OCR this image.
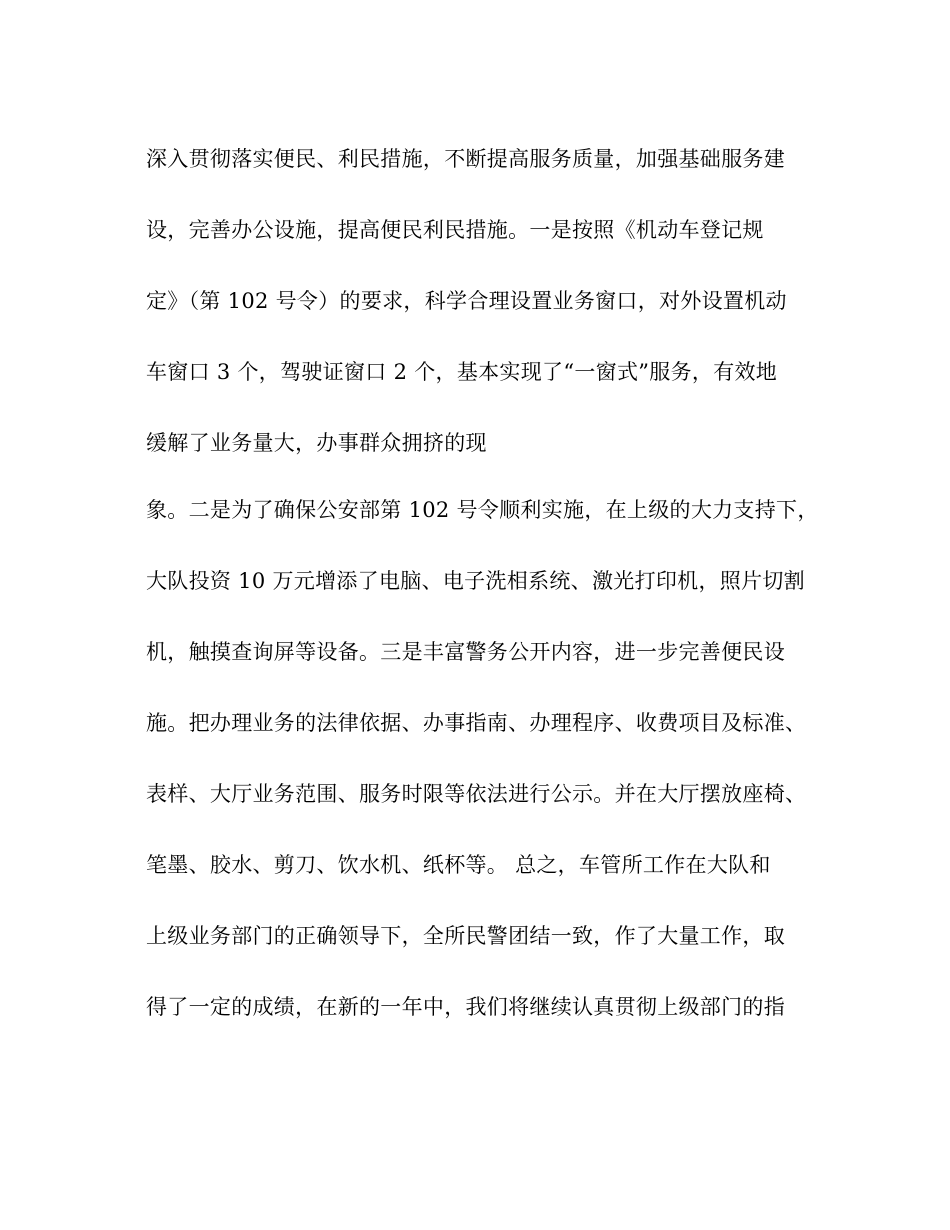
深入贯彻落实便民、利民措施，不断提高服务质量，加强基础服务建
设，完善办公设施，提高便民利民措施。一是按照《机动车登记规
定》（第 102 号令）的要求，科学合理设置业务窗口，对外设置机动
车窗口 3 个，驾驶证窗口 2 个，基本实现了“一窗式”服务，有效地
缓解了业务量大，办事群众拥挤的现
象。二是为了确保公安部第 102 号令顺利实施，在上级的大力支持下，
大队投资 10 万元增添了电脑、电子洗相系统、激光打印机，照片切割
机，触摸查询屏等设备。三是丰富警务公开内容，进一步完善便民设
施。把办理业务的法律依据、办事指南、办理程序、收费项目及标准、
表样、大厅业务范围、服务时限等依法进行公示。并在大厅摆放座椅、
笔墨、胶水、剪刀、饮水机、纸杯等。 总之，车管所工作在大队和
上级业务部门的正确领导下，全所民警团结一致，作了大量工作，取
得了一定的成绩，在新的一年中，我们将继续认真贯彻上级部门的指
